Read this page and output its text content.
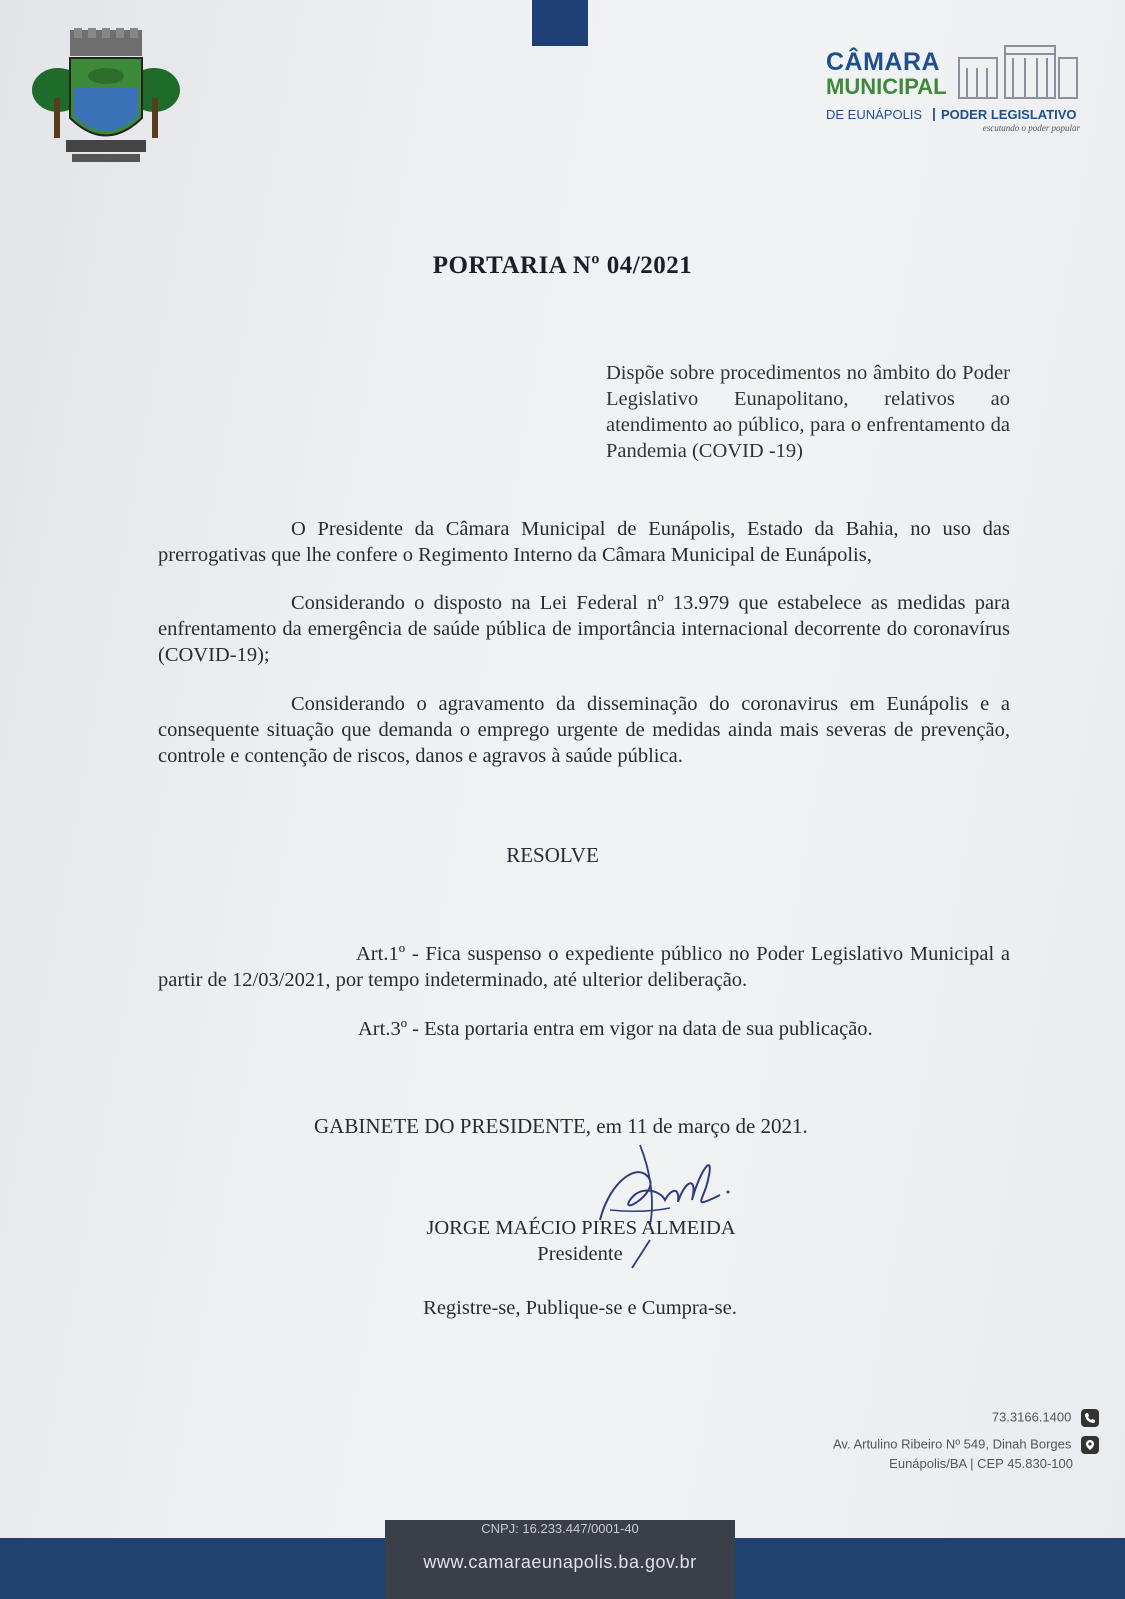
CÂMARA
MUNICIPAL
DE EUNÁPOLIS | PODER LEGISLATIVO
escutando o poder popular
PORTARIA Nº 04/2021
Dispõe sobre procedimentos no âmbito do Poder Legislativo Eunapolitano, relativos ao atendimento ao público, para o enfrentamento da Pandemia (COVID -19)
O Presidente da Câmara Municipal de Eunápolis, Estado da Bahia, no uso das prerrogativas que lhe confere o Regimento Interno da Câmara Municipal de Eunápolis,
Considerando o disposto na Lei Federal nº 13.979 que estabelece as medidas para enfrentamento da emergência de saúde pública de importância internacional decorrente do coronavírus (COVID-19);
Considerando o agravamento da disseminação do coronavirus em Eunápolis e a consequente situação que demanda o emprego urgente de medidas ainda mais severas de prevenção, controle e contenção de riscos, danos e agravos à saúde pública.
RESOLVE
Art.1º - Fica suspenso o expediente público no Poder Legislativo Municipal a partir de 12/03/2021, por tempo indeterminado, até ulterior deliberação.
Art.3º - Esta portaria entra em vigor na data de sua publicação.
GABINETE DO PRESIDENTE, em 11 de março de 2021.
JORGE MAÉCIO PIRES ALMEIDA
Presidente
Registre-se, Publique-se e Cumpra-se.
73.3166.1400
Av. Artulino Ribeiro Nº 549, Dinah Borges
Eunápolis/BA | CEP 45.830-100
CNPJ: 16.233.447/0001-40
www.camaraeunapolis.ba.gov.br
